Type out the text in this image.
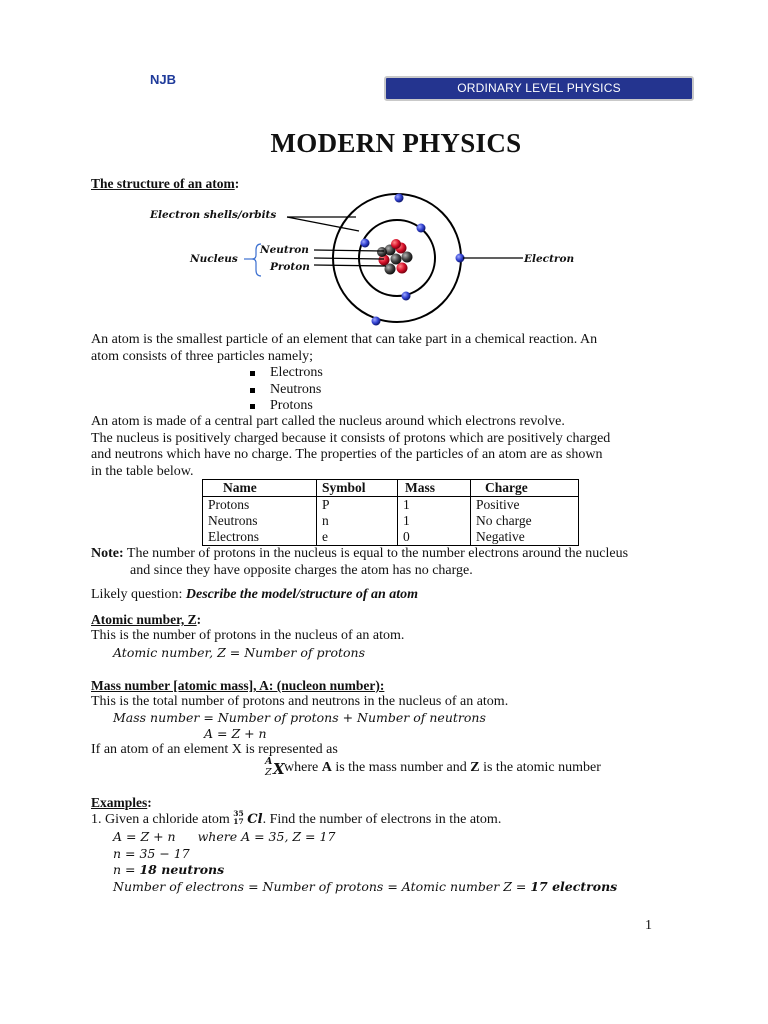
NJB
ORDINARY LEVEL PHYSICS
MODERN PHYSICS
The structure of an atom:
Electron shells/orbits
Nucleus
Neutron
Proton
Electron
An atom is the smallest particle of an element that can take part in a chemical reaction. An
atom consists of three particles namely;
Electrons
Neutrons
Protons
An atom is made of a central part called the nucleus around which electrons revolve.
The nucleus is positively charged because it consists of protons which are positively charged
and neutrons which have no charge. The properties of the particles of an atom are as shown
in the table below.
Name	Symbol	Mass	Charge
Protons	P	1	Positive
Neutrons	n	1	No charge
Electrons	e	0	Negative
Note: The number of protons in the nucleus is equal to the number electrons around the nucleus
and since they have opposite charges the atom has no charge.
Likely question: Describe the model/structure of an atom
Atomic number, Z:
This is the number of protons in the nucleus of an atom.
Atomic number, Z = Number of protons
Mass number [atomic mass], A: (nucleon number):
This is the total number of protons and neutrons in the nucleus of an atom.
Mass number = Number of protons + Number of neutrons
A = Z + n
If an atom of an element X is represented as
A
Z X where A is the mass number and Z is the atomic number
Examples:
1. Given a chloride atom 35
17 Cl. Find the number of electrons in the atom.
A = Z + n where A = 35, Z = 17
n = 35 − 17
n = 18 neutrons
Number of electrons = Number of protons = Atomic number Z = 17 electrons
1
